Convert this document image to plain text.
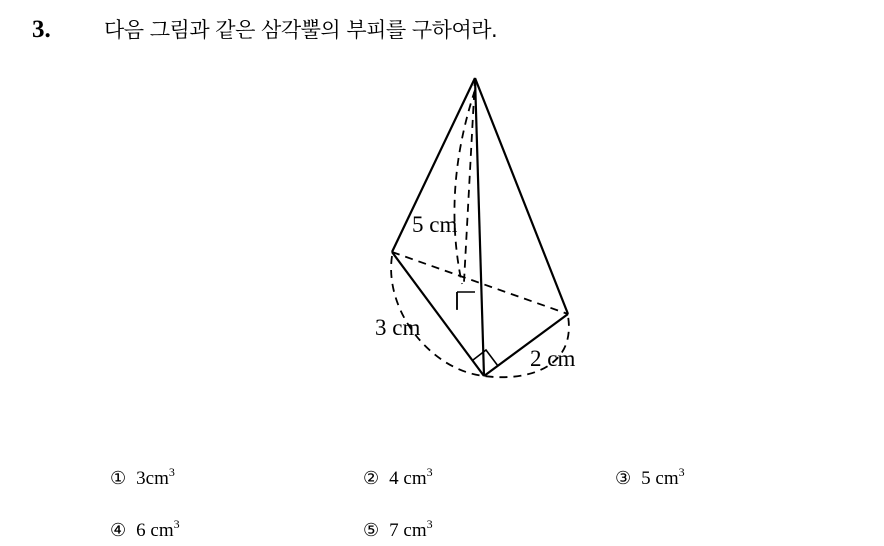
3.	다음 그림과 같은 삼각뿔의 부피를 구하여라.
5 cm
3 cm
2 cm
① $3cm^3$	② 4 $cm^3$	③ 5 $cm^3$
④ 6 $cm^3$	⑤ 7 $cm^3$
